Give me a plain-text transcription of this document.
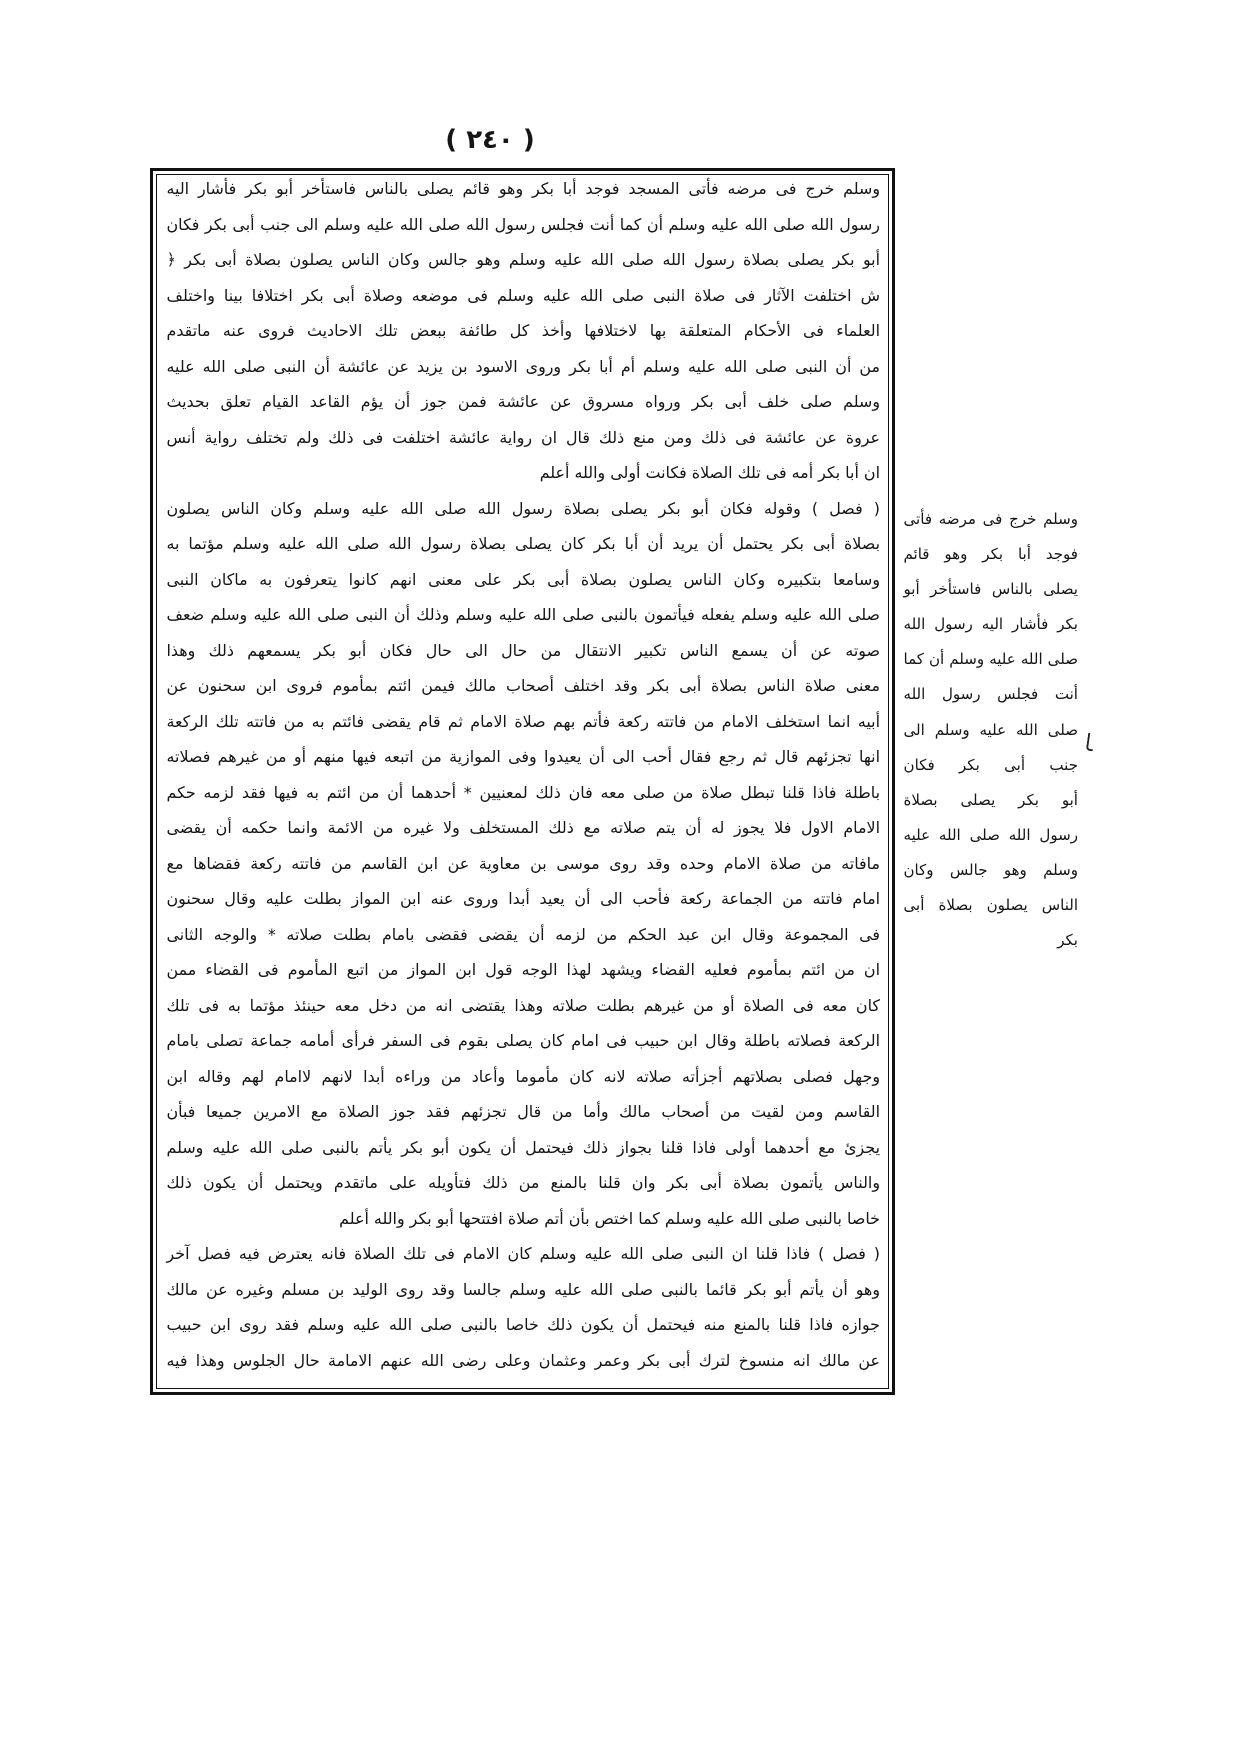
( ٢٤٠ )
وسلم خرج فى مرضه فأتى المسجد فوجد أبا بكر وهو قائم يصلى بالناس فاستأخر أبو بكر فأشار اليه
رسول الله صلى الله عليه وسلم أن كما أنت فجلس رسول الله صلى الله عليه وسلم الى جنب أبى بكر فكان
أبو بكر يصلى بصلاة رسول الله صلى الله عليه وسلم وهو جالس وكان الناس يصلون بصلاة أبى بكر ﴿
ش اختلفت الآثار فى صلاة النبى صلى الله عليه وسلم فى موضعه وصلاة أبى بكر اختلافا بينا واختلف
العلماء فى الأحكام المتعلقة بها لاختلافها وأخذ كل طائفة ببعض تلك الاحاديث فروى عنه ماتقدم
من أن النبى صلى الله عليه وسلم أم أبا بكر وروى الاسود بن يزيد عن عائشة أن النبى صلى الله عليه
وسلم صلى خلف أبى بكر ورواه مسروق عن عائشة فمن جوز أن يؤم القاعد القيام تعلق بحديث
عروة عن عائشة فى ذلك ومن منع ذلك قال ان رواية عائشة اختلفت فى ذلك ولم تختلف رواية أنس
ان أبا بكر أمه فى تلك الصلاة فكانت أولى والله أعلم
( فصل ) وقوله فكان أبو بكر يصلى بصلاة رسول الله صلى الله عليه وسلم وكان الناس يصلون
بصلاة أبى بكر يحتمل أن يريد أن أبا بكر كان يصلى بصلاة رسول الله صلى الله عليه وسلم مؤتما به
وسامعا بتكبيره وكان الناس يصلون بصلاة أبى بكر على معنى انهم كانوا يتعرفون به ماكان النبى
صلى الله عليه وسلم يفعله فيأتمون بالنبى صلى الله عليه وسلم وذلك أن النبى صلى الله عليه وسلم ضعف
صوته عن أن يسمع الناس تكبير الانتقال من حال الى حال فكان أبو بكر يسمعهم ذلك وهذا
معنى صلاة الناس بصلاة أبى بكر وقد اختلف أصحاب مالك فيمن ائتم بمأموم فروى ابن سحنون عن
أبيه انما استخلف الامام من فاتته ركعة فأتم بهم صلاة الامام ثم قام يقضى فائتم به من فاتته تلك الركعة
انها تجزئهم قال ثم رجع فقال أحب الى أن يعيدوا وفى الموازية من اتبعه فيها منهم أو من غيرهم فصلاته
باطلة فاذا قلنا تبطل صلاة من صلى معه فان ذلك لمعنيين * أحدهما أن من ائتم به فيها فقد لزمه حكم
الامام الاول فلا يجوز له أن يتم صلاته مع ذلك المستخلف ولا غيره من الائمة وانما حكمه أن يقضى
مافاته من صلاة الامام وحده وقد روى موسى بن معاوية عن ابن القاسم من فاتته ركعة فقضاها مع
امام فاتته من الجماعة ركعة فأحب الى أن يعيد أبدا وروى عنه ابن المواز بطلت عليه وقال سحنون
فى المجموعة وقال ابن عبد الحكم من لزمه أن يقضى فقضى بامام بطلت صلاته * والوجه الثانى
ان من ائتم بمأموم فعليه القضاء ويشهد لهذا الوجه قول ابن المواز من اتبع المأموم فى القضاء ممن
كان معه فى الصلاة أو من غيرهم بطلت صلاته وهذا يقتضى انه من دخل معه حينئذ مؤتما به فى تلك
الركعة فصلاته باطلة وقال ابن حبيب فى امام كان يصلى بقوم فى السفر فرأى أمامه جماعة تصلى بامام
وجهل فصلى بصلاتهم أجزأته صلاته لانه كان مأموما وأعاد من وراءه أبدا لانهم لاامام لهم وقاله ابن
القاسم ومن لقيت من أصحاب مالك وأما من قال تجزئهم فقد جوز الصلاة مع الامرين جميعا فبأن
يجزئ مع أحدهما أولى فاذا قلنا بجواز ذلك فيحتمل أن يكون أبو بكر يأتم بالنبى صلى الله عليه وسلم
والناس يأتمون بصلاة أبى بكر وان قلنا بالمنع من ذلك فتأويله على ماتقدم ويحتمل أن يكون ذلك
خاصا بالنبى صلى الله عليه وسلم كما اختص بأن أتم صلاة افتتحها أبو بكر والله أعلم
( فصل ) فاذا قلنا ان النبى صلى الله عليه وسلم كان الامام فى تلك الصلاة فانه يعترض فيه فصل آخر
وهو أن يأتم أبو بكر قائما بالنبى صلى الله عليه وسلم جالسا وقد روى الوليد بن مسلم وغيره عن مالك
جوازه فاذا قلنا بالمنع منه فيحتمل أن يكون ذلك خاصا بالنبى صلى الله عليه وسلم فقد روى ابن حبيب
عن مالك انه منسوخ لترك أبى بكر وعمر وعثمان وعلى رضى الله عنهم الامامة حال الجلوس وهذا فيه
وسلم خرج فى مرضه فأتى
فوجد أبا بكر وهو قائم
يصلى بالناس فاستأخر أبو
بكر فأشار اليه رسول الله
صلى الله عليه وسلم أن كما
أنت فجلس رسول الله
صلى الله عليه وسلم الى
جنب أبى بكر فكان
أبو بكر يصلى بصلاة
رسول الله صلى الله عليه
وسلم وهو جالس وكان
الناس يصلون بصلاة أبى
بكر
